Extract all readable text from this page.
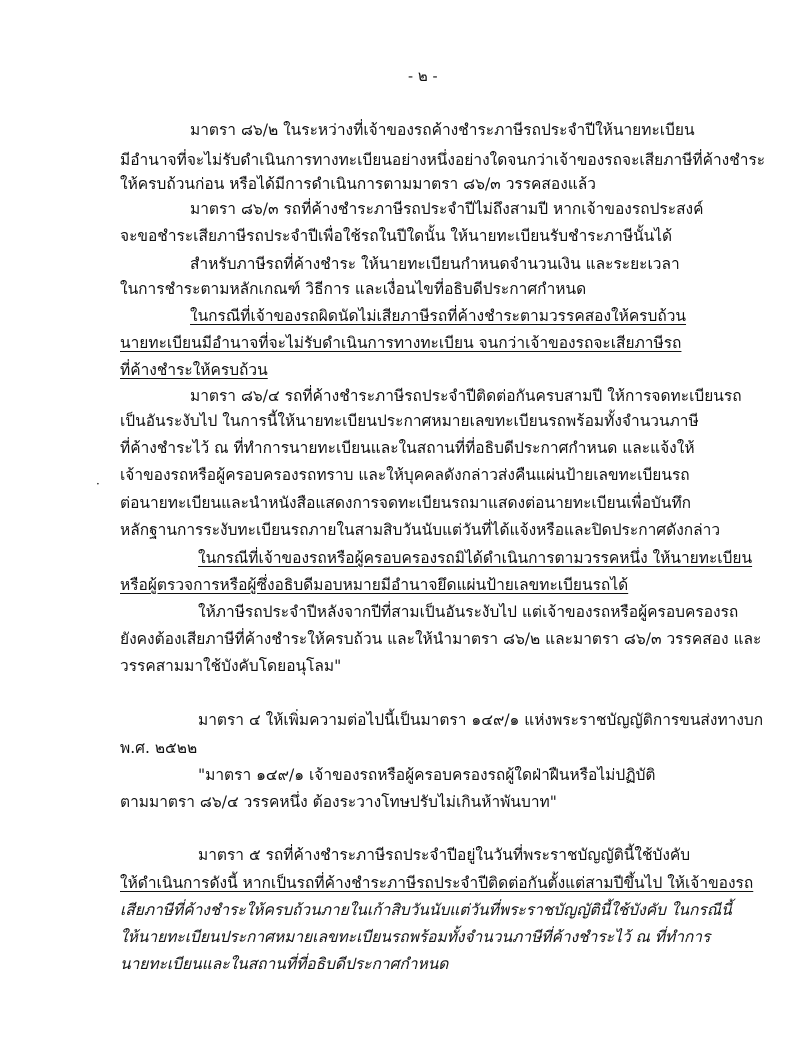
- ๒ -
·
มาตรา ๘๖/๒ ในระหว่างที่เจ้าของรถค้างชำระภาษีรถประจำปีให้นายทะเบียน
มีอำนาจที่จะไม่รับดำเนินการทางทะเบียนอย่างหนึ่งอย่างใดจนกว่าเจ้าของรถจะเสียภาษีที่ค้างชำระ
ให้ครบถ้วนก่อน หรือได้มีการดำเนินการตามมาตรา ๘๖/๓ วรรคสองแล้ว
มาตรา ๘๖/๓ รถที่ค้างชำระภาษีรถประจำปีไม่ถึงสามปี หากเจ้าของรถประสงค์
จะขอชำระเสียภาษีรถประจำปีเพื่อใช้รถในปีใดนั้น ให้นายทะเบียนรับชำระภาษีนั้นได้
สำหรับภาษีรถที่ค้างชำระ ให้นายทะเบียนกำหนดจำนวนเงิน และระยะเวลา
ในการชำระตามหลักเกณฑ์ วิธีการ และเงื่อนไขที่อธิบดีประกาศกำหนด
ในกรณีที่เจ้าของรถผิดนัดไม่เสียภาษีรถที่ค้างชำระตามวรรคสองให้ครบถ้วน
นายทะเบียนมีอำนาจที่จะไม่รับดำเนินการทางทะเบียน จนกว่าเจ้าของรถจะเสียภาษีรถ
ที่ค้างชำระให้ครบถ้วน
มาตรา ๘๖/๔ รถที่ค้างชำระภาษีรถประจำปีติดต่อกันครบสามปี ให้การจดทะเบียนรถ
เป็นอันระงับไป ในการนี้ให้นายทะเบียนประกาศหมายเลขทะเบียนรถพร้อมทั้งจำนวนภาษี
ที่ค้างชำระไว้ ณ ที่ทำการนายทะเบียนและในสถานที่ที่อธิบดีประกาศกำหนด และแจ้งให้
เจ้าของรถหรือผู้ครอบครองรถทราบ และให้บุคคลดังกล่าวส่งคืนแผ่นป้ายเลขทะเบียนรถ
ต่อนายทะเบียนและนำหนังสือแสดงการจดทะเบียนรถมาแสดงต่อนายทะเบียนเพื่อบันทึก
หลักฐานการระงับทะเบียนรถภายในสามสิบวันนับแต่วันที่ได้แจ้งหรือและปิดประกาศดังกล่าว
ในกรณีที่เจ้าของรถหรือผู้ครอบครองรถมิได้ดำเนินการตามวรรคหนึ่ง ให้นายทะเบียน
หรือผู้ตรวจการหรือผู้ซึ่งอธิบดีมอบหมายมีอำนาจยึดแผ่นป้ายเลขทะเบียนรถได้
ให้ภาษีรถประจำปีหลังจากปีที่สามเป็นอันระงับไป แต่เจ้าของรถหรือผู้ครอบครองรถ
ยังคงต้องเสียภาษีที่ค้างชำระให้ครบถ้วน และให้นำมาตรา ๘๖/๒ และมาตรา ๘๖/๓ วรรคสอง และ
วรรคสามมาใช้บังคับโดยอนุโลม"
มาตรา ๔ ให้เพิ่มความต่อไปนี้เป็นมาตรา ๑๔๙/๑ แห่งพระราชบัญญัติการขนส่งทางบก
พ.ศ. ๒๕๒๒
"มาตรา ๑๔๙/๑ เจ้าของรถหรือผู้ครอบครองรถผู้ใดฝ่าฝืนหรือไม่ปฏิบัติ
ตามมาตรา ๘๖/๔ วรรคหนึ่ง ต้องระวางโทษปรับไม่เกินห้าพันบาท"
มาตรา ๕ รถที่ค้างชำระภาษีรถประจำปีอยู่ในวันที่พระราชบัญญัตินี้ใช้บังคับ
ให้ดำเนินการดังนี้ หากเป็นรถที่ค้างชำระภาษีรถประจำปีติดต่อกันตั้งแต่สามปีขึ้นไป ให้เจ้าของรถ
เสียภาษีที่ค้างชำระให้ครบถ้วนภายในเก้าสิบวันนับแต่วันที่พระราชบัญญัตินี้ใช้บังคับ ในกรณีนี้
ให้นายทะเบียนประกาศหมายเลขทะเบียนรถพร้อมทั้งจำนวนภาษีที่ค้างชำระไว้ ณ ที่ทำการ
นายทะเบียนและในสถานที่ที่อธิบดีประกาศกำหนด
